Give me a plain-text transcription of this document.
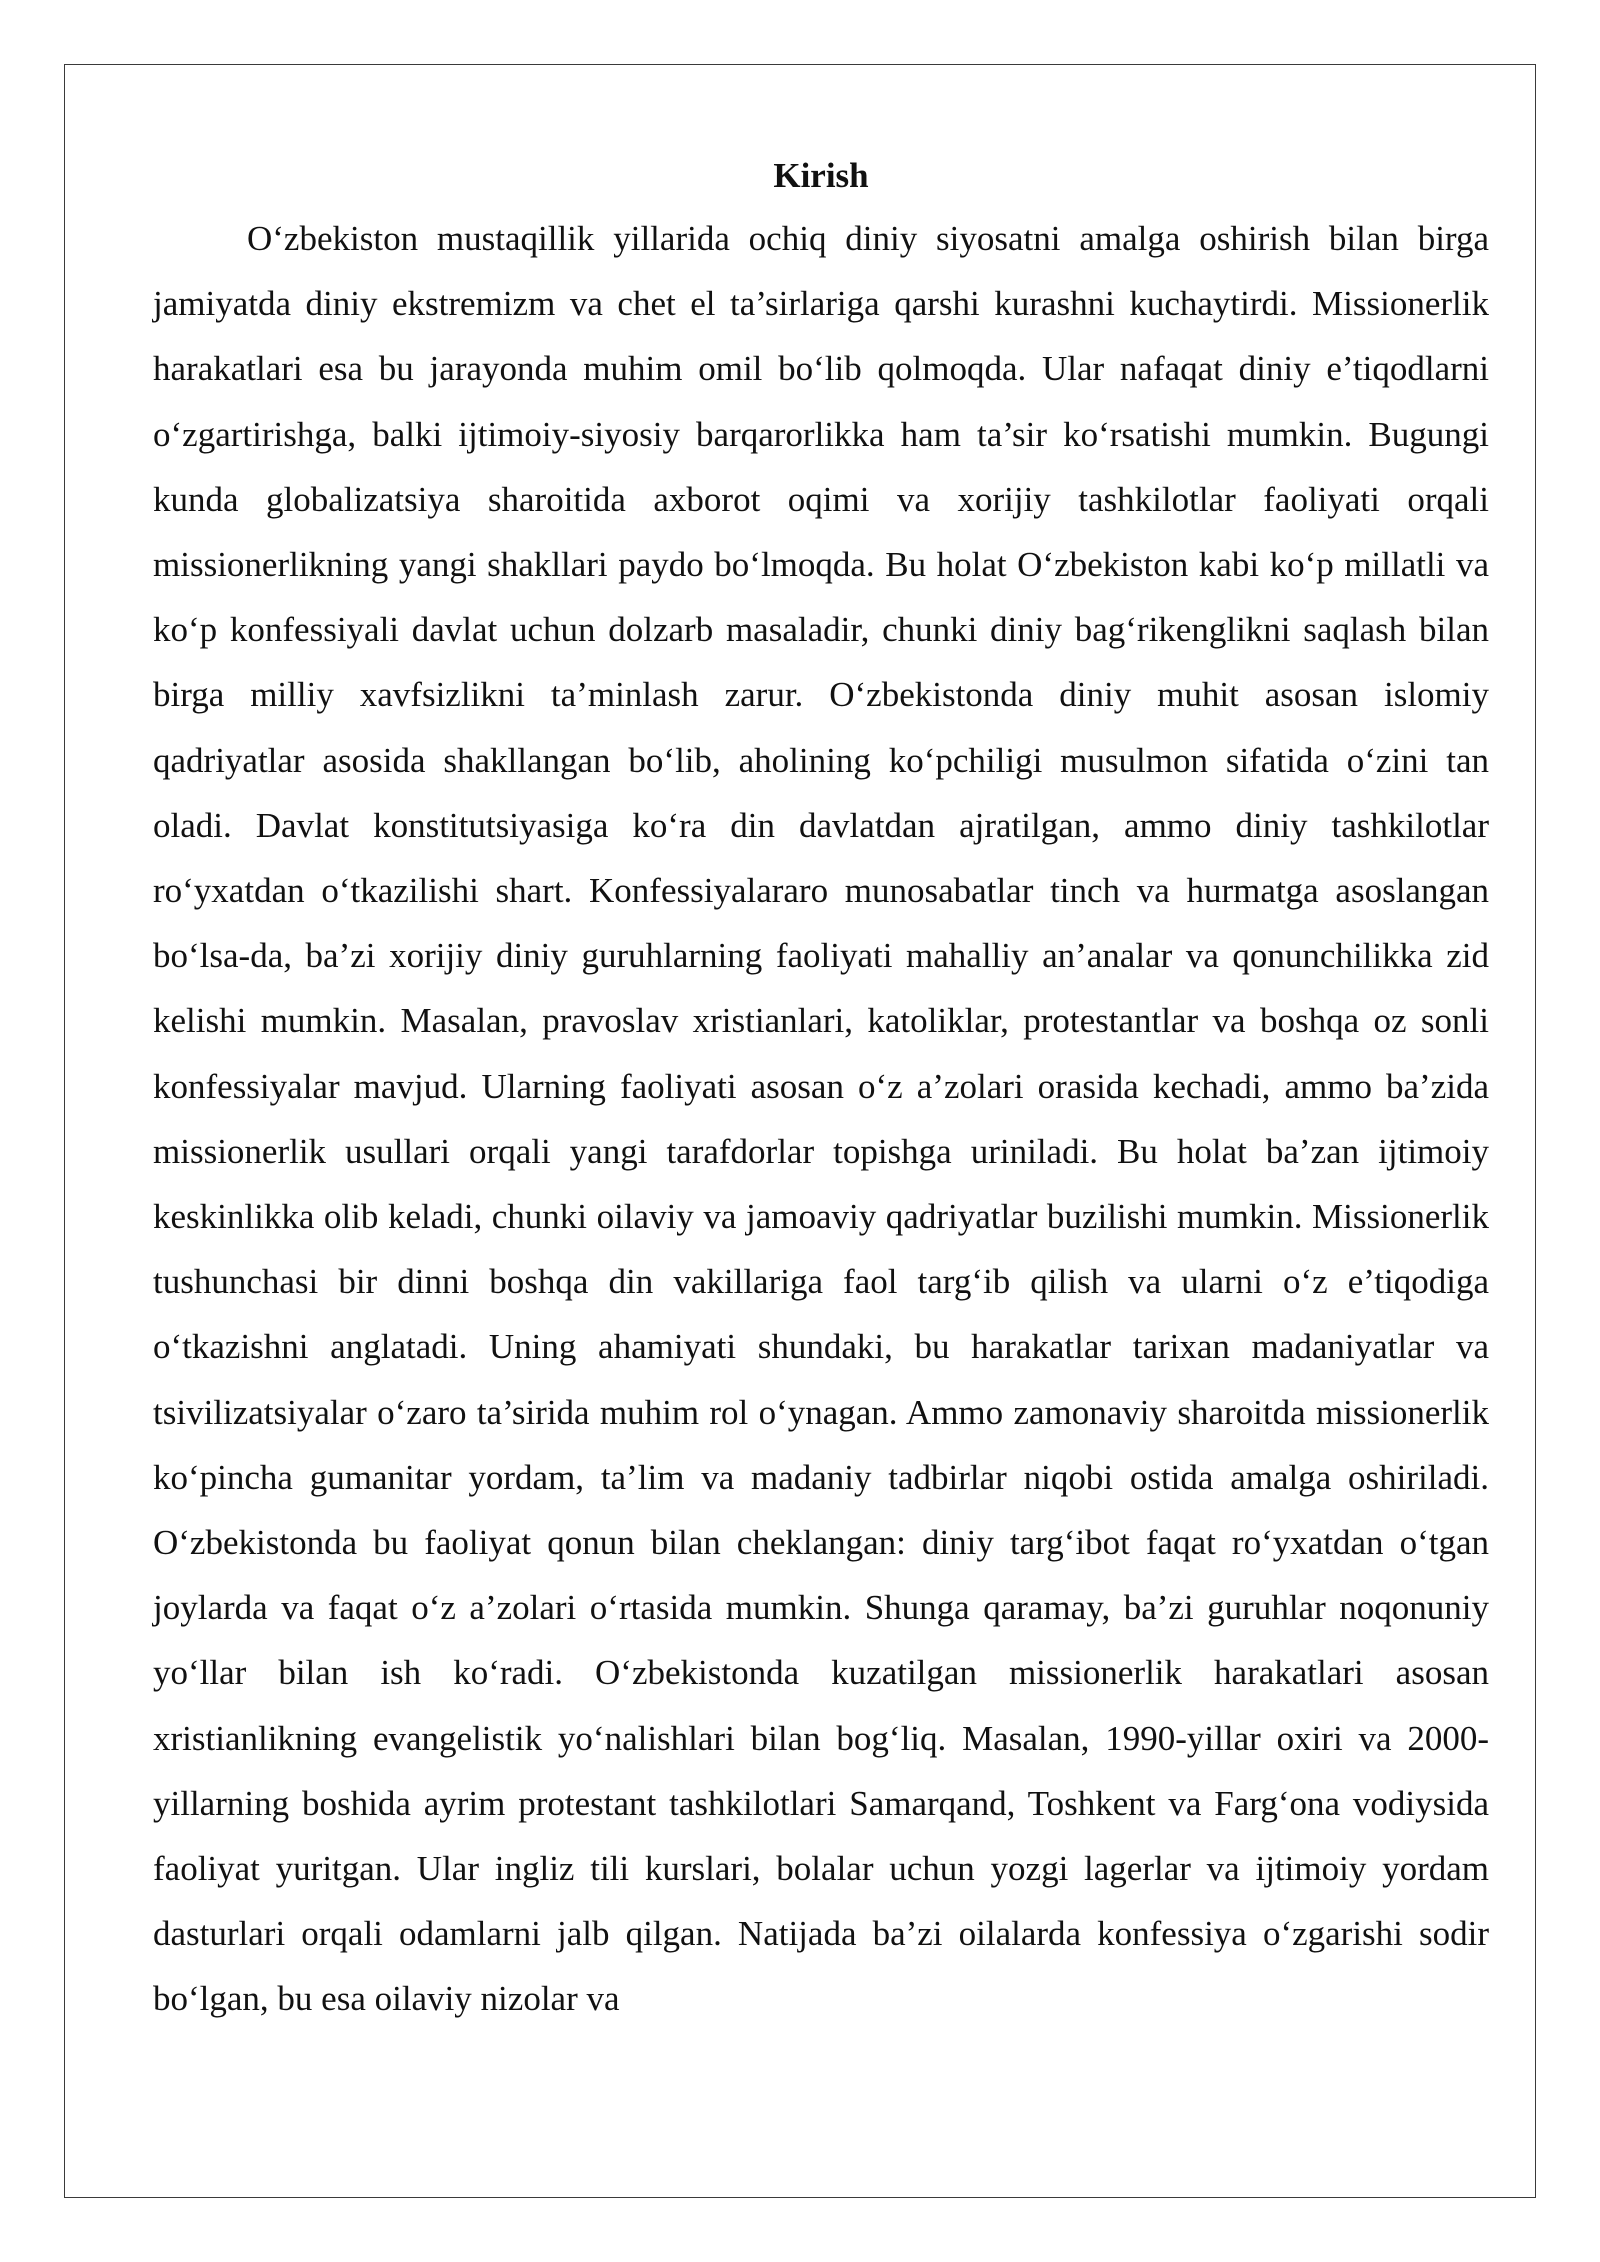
Kirish

O‘zbekiston mustaqillik yillarida ochiq diniy siyosatni amalga oshirish bilan birga jamiyatda diniy ekstremizm va chet el ta’sirlariga qarshi kurashni kuchaytirdi. Missionerlik harakatlari esa bu jarayonda muhim omil bo‘lib qolmoqda. Ular nafaqat diniy e’tiqodlarni o‘zgartirishga, balki ijtimoiy-siyosiy barqarorlikka ham ta’sir ko‘rsatishi mumkin. Bugungi kunda globalizatsiya sharoitida axborot oqimi va xorijiy tashkilotlar faoliyati orqali missionerlikning yangi shakllari paydo bo‘lmoqda. Bu holat O‘zbekiston kabi ko‘p millatli va ko‘p konfessiyali davlat uchun dolzarb masaladir, chunki diniy bag‘rikenglikni saqlash bilan birga milliy xavfsizlikni ta’minlash zarur. O‘zbekistonda diniy muhit asosan islomiy qadriyatlar asosida shakllangan bo‘lib, aholining ko‘pchiligi musulmon sifatida o‘zini tan oladi. Davlat konstitutsiyasiga ko‘ra din davlatdan ajratilgan, ammo diniy tashkilotlar ro‘yxatdan o‘tkazilishi shart. Konfessiyalararo munosabatlar tinch va hurmatga asoslangan bo‘lsa-da, ba’zi xorijiy diniy guruhlarning faoliyati mahalliy an’analar va qonunchilikka zid kelishi mumkin. Masalan, pravoslav xristianlari, katoliklar, protestantlar va boshqa oz sonli konfessiyalar mavjud. Ularning faoliyati asosan o‘z a’zolari orasida kechadi, ammo ba’zida missionerlik usullari orqali yangi tarafdorlar topishga uriniladi. Bu holat ba’zan ijtimoiy keskinlikka olib keladi, chunki oilaviy va jamoaviy qadriyatlar buzilishi mumkin. Missionerlik tushunchasi bir dinni boshqa din vakillariga faol targ‘ib qilish va ularni o‘z e’tiqodiga o‘tkazishni anglatadi. Uning ahamiyati shundaki, bu harakatlar tarixan madaniyatlar va tsivilizatsiyalar o‘zaro ta’sirida muhim rol o‘ynagan. Ammo zamonaviy sharoitda missionerlik ko‘pincha gumanitar yordam, ta’lim va madaniy tadbirlar niqobi ostida amalga oshiriladi. O‘zbekistonda bu faoliyat qonun bilan cheklangan: diniy targ‘ibot faqat ro‘yxatdan o‘tgan joylarda va faqat o‘z a’zolari o‘rtasida mumkin. Shunga qaramay, ba’zi guruhlar noqonuniy yo‘llar bilan ish ko‘radi. O‘zbekistonda kuzatilgan missionerlik harakatlari asosan xristianlikning evangelistik yo‘nalishlari bilan bog‘liq. Masalan, 1990-yillar oxiri va 2000-yillarning boshida ayrim protestant tashkilotlari Samarqand, Toshkent va Farg‘ona vodiysida faoliyat yuritgan. Ular ingliz tili kurslari, bolalar uchun yozgi lagerlar va ijtimoiy yordam dasturlari orqali odamlarni jalb qilgan. Natijada ba’zi oilalarda konfessiya o‘zgarishi sodir bo‘lgan, bu esa oilaviy nizolar va
